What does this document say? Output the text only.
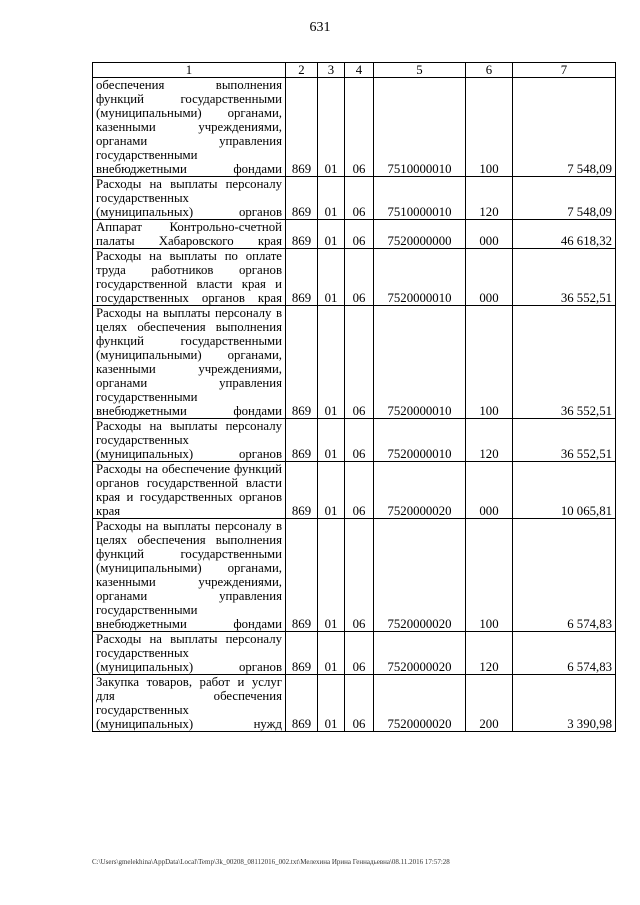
631
1	2	3	4	5	6	7
обеспечения выполнения функций государственными (муниципальными) органами, казенными учреждениями, органами управления государственными внебюджетными фондами	869	01	06	7510000010	100	7 548,09
Расходы на выплаты персоналу государственных (муниципальных) органов	869	01	06	7510000010	120	7 548,09
Аппарат Контрольно-счетной палаты Хабаровского края	869	01	06	7520000000	000	46 618,32
Расходы на выплаты по оплате труда работников органов государственной власти края и государственных органов края	869	01	06	7520000010	000	36 552,51
Расходы на выплаты персоналу в целях обеспечения выполнения функций государственными (муниципальными) органами, казенными учреждениями, органами управления государственными внебюджетными фондами	869	01	06	7520000010	100	36 552,51
Расходы на выплаты персоналу государственных (муниципальных) органов	869	01	06	7520000010	120	36 552,51
Расходы на обеспечение функций органов государственной власти края и государственных органов края	869	01	06	7520000020	000	10 065,81
Расходы на выплаты персоналу в целях обеспечения выполнения функций государственными (муниципальными) органами, казенными учреждениями, органами управления государственными внебюджетными фондами	869	01	06	7520000020	100	6 574,83
Расходы на выплаты персоналу государственных (муниципальных) органов	869	01	06	7520000020	120	6 574,83
Закупка товаров, работ и услуг для обеспечения государственных (муниципальных) нужд	869	01	06	7520000020	200	3 390,98
C:\Users\gmelekhina\AppData\Local\Temp\3k_00208_08112016_002.txt\Мелехина Ирина Геннадьевна\08.11.2016 17:57:28
